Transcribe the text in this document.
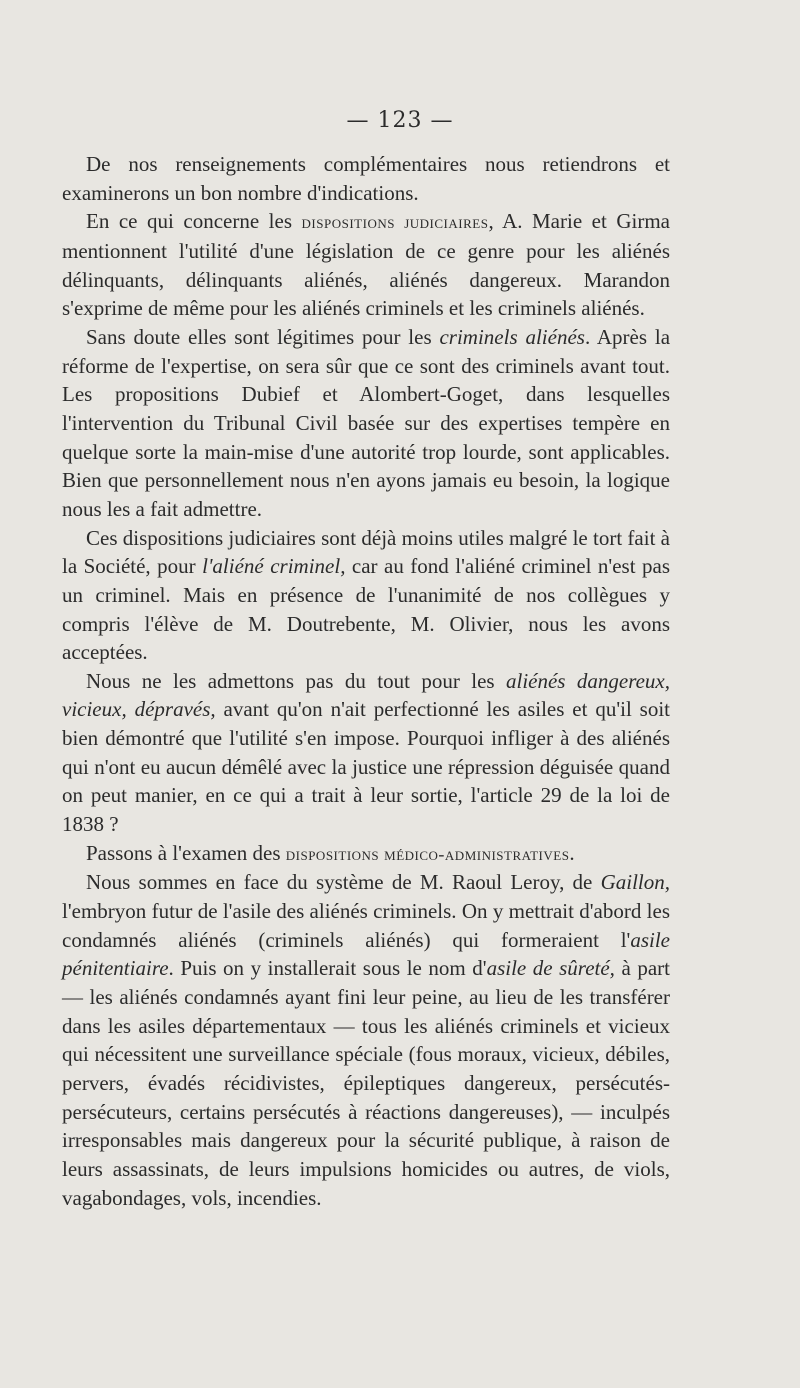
— 123 —

De nos renseignements complémentaires nous retiendrons et examinerons un bon nombre d'indications.

En ce qui concerne les dispositions judiciaires, A. Marie et Girma mentionnent l'utilité d'une législation de ce genre pour les aliénés délinquants, délinquants aliénés, aliénés dangereux. Marandon s'exprime de même pour les aliénés criminels et les criminels aliénés.

Sans doute elles sont légitimes pour les criminels aliénés. Après la réforme de l'expertise, on sera sûr que ce sont des criminels avant tout. Les propositions Dubief et Alombert-Goget, dans lesquelles l'intervention du Tribunal Civil basée sur des expertises tempère en quelque sorte la main-mise d'une autorité trop lourde, sont applicables. Bien que personnellement nous n'en ayons jamais eu besoin, la logique nous les a fait admettre.

Ces dispositions judiciaires sont déjà moins utiles malgré le tort fait à la Société, pour l'aliéné criminel, car au fond l'aliéné criminel n'est pas un criminel. Mais en présence de l'unanimité de nos collègues y compris l'élève de M. Doutrebente, M. Olivier, nous les avons acceptées.

Nous ne les admettons pas du tout pour les aliénés dangereux, vicieux, dépravés, avant qu'on n'ait perfectionné les asiles et qu'il soit bien démontré que l'utilité s'en impose. Pourquoi infliger à des aliénés qui n'ont eu aucun démêlé avec la justice une répression déguisée quand on peut manier, en ce qui a trait à leur sortie, l'article 29 de la loi de 1838 ?

Passons à l'examen des dispositions médico-administratives.

Nous sommes en face du système de M. Raoul Leroy, de Gaillon, l'embryon futur de l'asile des aliénés criminels. On y mettrait d'abord les condamnés aliénés (criminels aliénés) qui formeraient l'asile pénitentiaire. Puis on y installerait sous le nom d'asile de sûreté, à part — les aliénés condamnés ayant fini leur peine, au lieu de les transférer dans les asiles départementaux — tous les aliénés criminels et vicieux qui nécessitent une surveillance spéciale (fous moraux, vicieux, débiles, pervers, évadés récidivistes, épileptiques dangereux, persécutés-persécuteurs, certains persécutés à réactions dangereuses), — inculpés irresponsables mais dangereux pour la sécurité publique, à raison de leurs assassinats, de leurs impulsions homicides ou autres, de viols, vagabondages, vols, incendies.
